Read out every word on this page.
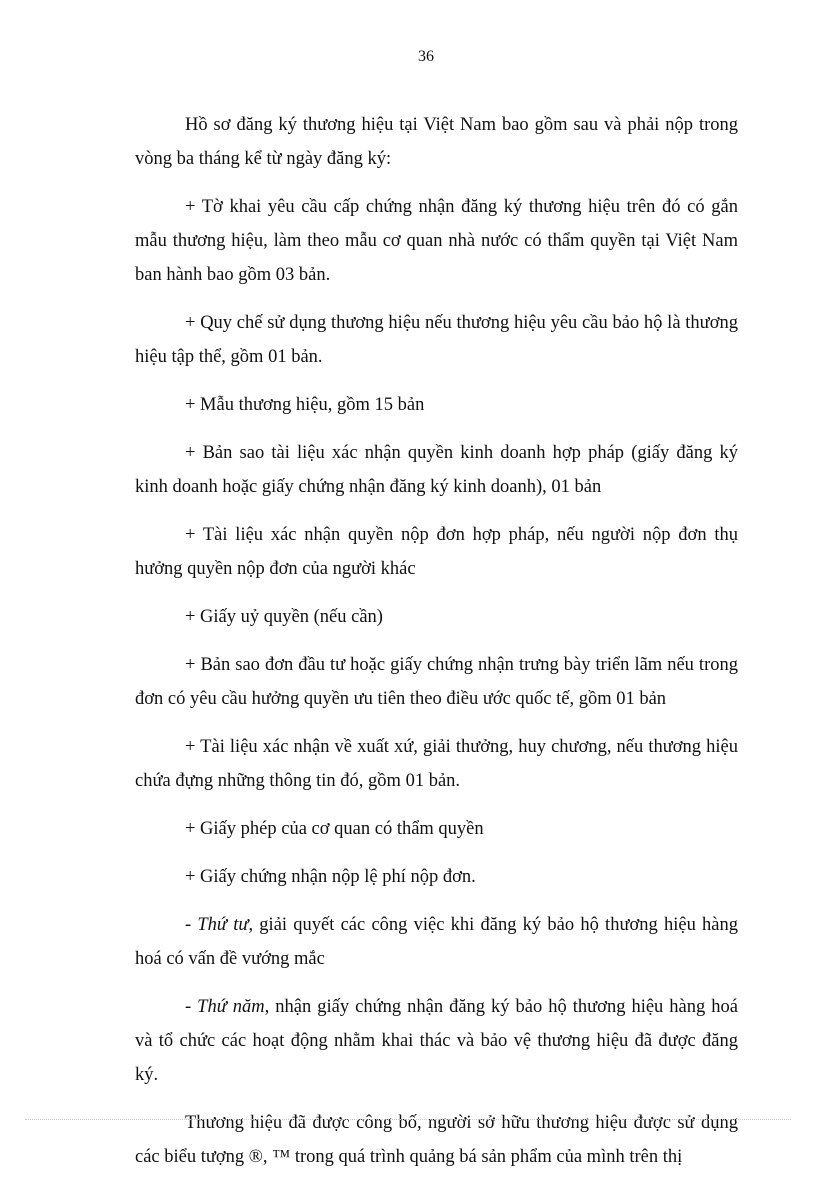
36

Hồ sơ đăng ký thương hiệu tại Việt Nam bao gồm sau và phải nộp trong vòng ba tháng kể từ ngày đăng ký:

+ Tờ khai yêu cầu cấp chứng nhận đăng ký thương hiệu trên đó có gắn mẫu thương hiệu, làm theo mẫu cơ quan nhà nước có thẩm quyền tại Việt Nam ban hành bao gồm 03 bản.

+ Quy chế sử dụng thương hiệu nếu thương hiệu yêu cầu bảo hộ là thương hiệu tập thể, gồm 01 bản.

+ Mẫu thương hiệu, gồm 15 bản

+ Bản sao tài liệu xác nhận quyền kinh doanh hợp pháp (giấy đăng ký kinh doanh hoặc giấy chứng nhận đăng ký kinh doanh), 01 bản

+ Tài liệu xác nhận quyền nộp đơn hợp pháp, nếu người nộp đơn thụ hưởng quyền nộp đơn của người khác

+ Giấy uỷ quyền (nếu cần)

+ Bản sao đơn đầu tư hoặc giấy chứng nhận trưng bày triển lãm nếu trong đơn có yêu cầu hưởng quyền ưu tiên theo điều ước quốc tế, gồm 01 bản

+ Tài liệu xác nhận về xuất xứ, giải thưởng, huy chương, nếu thương hiệu chứa đựng những thông tin đó, gồm 01 bản.

+ Giấy phép của cơ quan có thẩm quyền

+ Giấy chứng nhận nộp lệ phí nộp đơn.

- Thứ tư, giải quyết các công việc khi đăng ký bảo hộ thương hiệu hàng hoá có vấn đề vướng mắc

- Thứ năm, nhận giấy chứng nhận đăng ký bảo hộ thương hiệu hàng hoá và tổ chức các hoạt động nhằm khai thác và bảo vệ thương hiệu đã được đăng ký.

Thương hiệu đã được công bố, người sở hữu thương hiệu được sử dụng các biểu tượng ®, ™ trong quá trình quảng bá sản phẩm của mình trên thị
